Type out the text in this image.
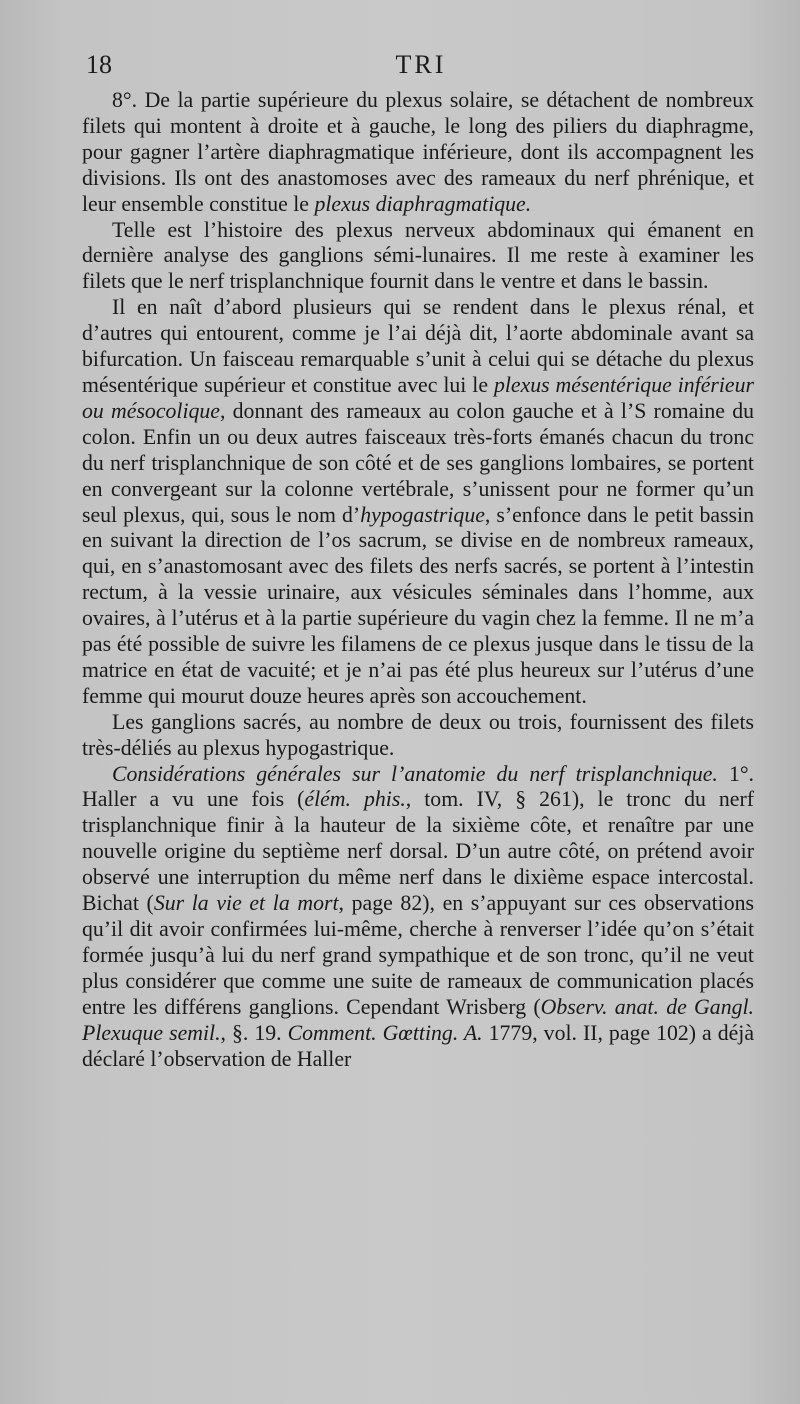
18	TRI

8°. De la partie supérieure du plexus solaire, se détachent de nombreux filets qui montent à droite et à gauche, le long des piliers du diaphragme, pour gagner l’artère diaphragmatique inférieure, dont ils accompagnent les divisions. Ils ont des anastomoses avec des rameaux du nerf phrénique, et leur ensemble constitue le plexus diaphragmatique.

Telle est l’histoire des plexus nerveux abdominaux qui émanent en dernière analyse des ganglions sémi-lunaires. Il me reste à examiner les filets que le nerf trisplanchnique fournit dans le ventre et dans le bassin.

Il en naît d’abord plusieurs qui se rendent dans le plexus rénal, et d’autres qui entourent, comme je l’ai déjà dit, l’aorte abdominale avant sa bifurcation. Un faisceau remarquable s’unit à celui qui se détache du plexus mésentérique supérieur et constitue avec lui le plexus mésentérique inférieur ou mésocolique, donnant des rameaux au colon gauche et à l’S romaine du colon. Enfin un ou deux autres faisceaux très-forts émanés chacun du tronc du nerf trisplanchnique de son côté et de ses ganglions lombaires, se portent en convergeant sur la colonne vertébrale, s’unissent pour ne former qu’un seul plexus, qui, sous le nom d’hypogastrique, s’enfonce dans le petit bassin en suivant la direction de l’os sacrum, se divise en de nombreux rameaux, qui, en s’anastomosant avec des filets des nerfs sacrés, se portent à l’intestin rectum, à la vessie urinaire, aux vésicules séminales dans l’homme, aux ovaires, à l’utérus et à la partie supérieure du vagin chez la femme. Il ne m’a pas été possible de suivre les filamens de ce plexus jusque dans le tissu de la matrice en état de vacuité; et je n’ai pas été plus heureux sur l’utérus d’une femme qui mourut douze heures après son accouchement.

Les ganglions sacrés, au nombre de deux ou trois, fournissent des filets très-déliés au plexus hypogastrique.

Considérations générales sur l’anatomie du nerf trisplanchnique. 1°. Haller a vu une fois (élém. phis., tom. IV, § 261), le tronc du nerf trisplanchnique finir à la hauteur de la sixième côte, et renaître par une nouvelle origine du septième nerf dorsal. D’un autre côté, on prétend avoir observé une interruption du même nerf dans le dixième espace intercostal. Bichat (Sur la vie et la mort, page 82), en s’appuyant sur ces observations qu’il dit avoir confirmées lui-même, cherche à renverser l’idée qu’on s’était formée jusqu’à lui du nerf grand sympathique et de son tronc, qu’il ne veut plus considérer que comme une suite de rameaux de communication placés entre les différens ganglions. Cependant Wrisberg (Observ. anat. de Gangl. Plexuque semil., §. 19. Comment. Gœtting. A. 1779, vol. II, page 102) a déjà déclaré l’observation de Haller
